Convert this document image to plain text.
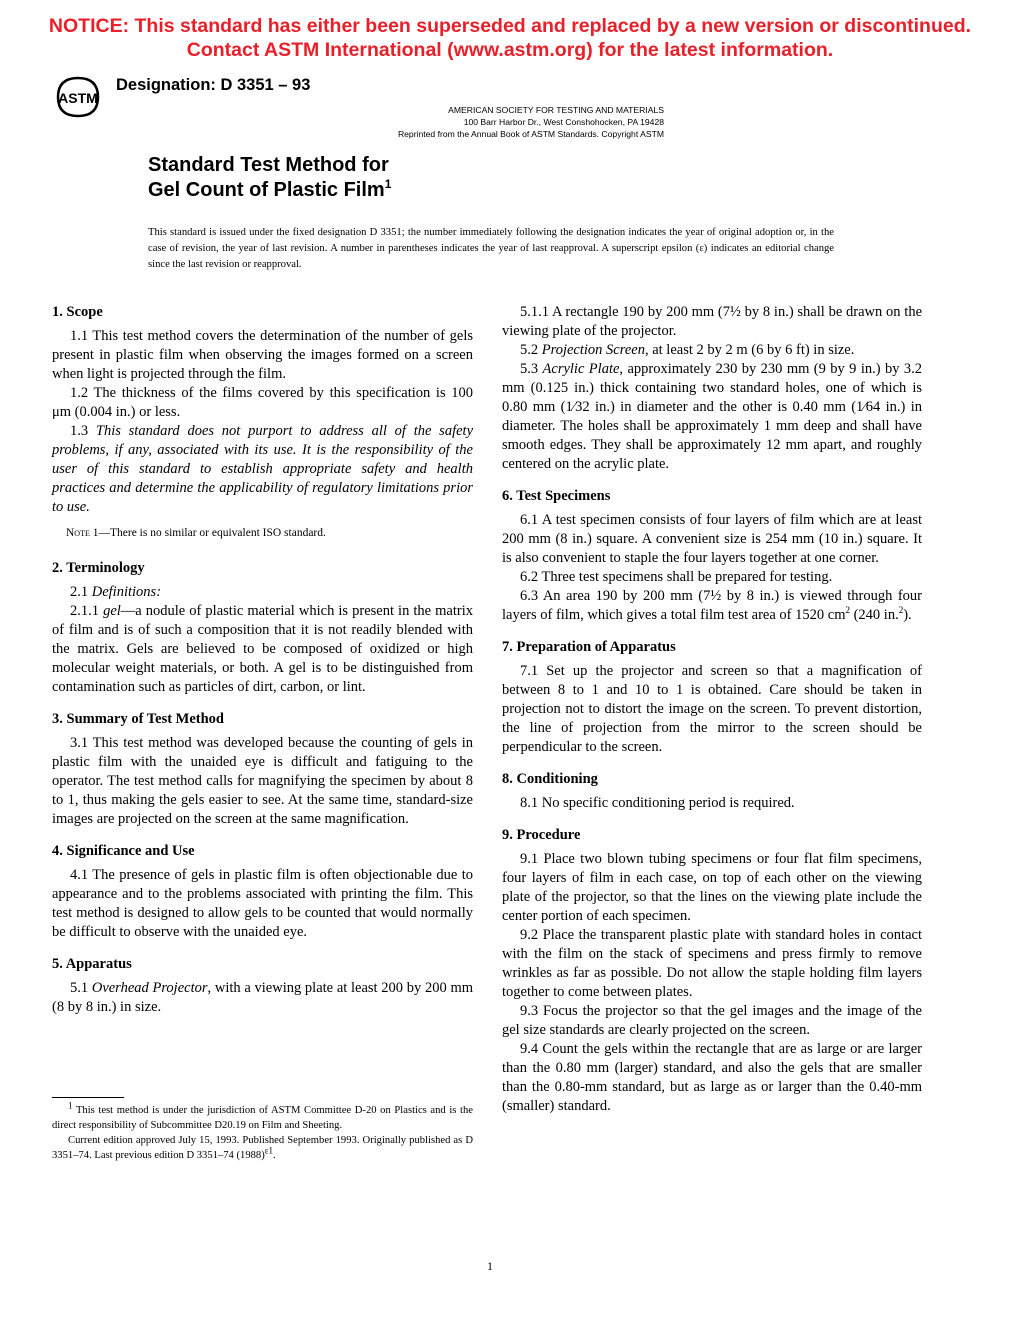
NOTICE: This standard has either been superseded and replaced by a new version or discontinued.
Contact ASTM International (www.astm.org) for the latest information.
ASTM
Designation: D 3351 – 93
AMERICAN SOCIETY FOR TESTING AND MATERIALS
100 Barr Harbor Dr., West Conshohocken, PA 19428
Reprinted from the Annual Book of ASTM Standards. Copyright ASTM
Standard Test Method for
Gel Count of Plastic Film$^1$
This standard is issued under the fixed designation D 3351; the number immediately following the designation indicates the year of original adoption or, in the case of revision, the year of last revision. A number in parentheses indicates the year of last reapproval. A superscript epsilon (ε) indicates an editorial change since the last revision or reapproval.
1. Scope

1.1 This test method covers the determination of the number of gels present in plastic film when observing the images formed on a screen when light is projected through the film.

1.2 The thickness of the films covered by this specification is 100 μm (0.004 in.) or less.

1.3 This standard does not purport to address all of the safety problems, if any, associated with its use. It is the responsibility of the user of this standard to establish appropriate safety and health practices and determine the applicability of regulatory limitations prior to use.

Note 1—There is no similar or equivalent ISO standard.

2. Terminology

2.1 Definitions:

2.1.1 gel—a nodule of plastic material which is present in the matrix of film and is of such a composition that it is not readily blended with the matrix. Gels are believed to be composed of oxidized or high molecular weight materials, or both. A gel is to be distinguished from contamination such as particles of dirt, carbon, or lint.

3. Summary of Test Method

3.1 This test method was developed because the counting of gels in plastic film with the unaided eye is difficult and fatiguing to the operator. The test method calls for magnifying the specimen by about 8 to 1, thus making the gels easier to see. At the same time, standard-size images are projected on the screen at the same magnification.

4. Significance and Use

4.1 The presence of gels in plastic film is often objectionable due to appearance and to the problems associated with printing the film. This test method is designed to allow gels to be counted that would normally be difficult to observe with the unaided eye.

5. Apparatus

5.1 Overhead Projector, with a viewing plate at least 200 by 200 mm (8 by 8 in.) in size.

$^1$ This test method is under the jurisdiction of ASTM Committee D-20 on Plastics and is the direct responsibility of Subcommittee D20.19 on Film and Sheeting.

Current edition approved July 15, 1993. Published September 1993. Originally published as D 3351–74. Last previous edition D 3351–74 $(1988)^{\varepsilon 1}$.

5.1.1 A rectangle 190 by 200 mm (7½ by 8 in.) shall be drawn on the viewing plate of the projector.

5.2 Projection Screen, at least 2 by 2 m (6 by 6 ft) in size.

5.3 Acrylic Plate, approximately 230 by 230 mm (9 by 9 in.) by 3.2 mm (0.125 in.) thick containing two standard holes, one of which is 0.80 mm (1⁄32 in.) in diameter and the other is 0.40 mm (1⁄64 in.) in diameter. The holes shall be approximately 1 mm deep and shall have smooth edges. They shall be approximately 12 mm apart, and roughly centered on the acrylic plate.

6. Test Specimens

6.1 A test specimen consists of four layers of film which are at least 200 mm (8 in.) square. A convenient size is 254 mm (10 in.) square. It is also convenient to staple the four layers together at one corner.

6.2 Three test specimens shall be prepared for testing.

6.3 An area 190 by 200 mm (7½ by 8 in.) is viewed through four layers of film, which gives a total film test area of 1520 $cm^2$ (240 in.$^2$).

7. Preparation of Apparatus

7.1 Set up the projector and screen so that a magnification of between 8 to 1 and 10 to 1 is obtained. Care should be taken in projection not to distort the image on the screen. To prevent distortion, the line of projection from the mirror to the screen should be perpendicular to the screen.

8. Conditioning

8.1 No specific conditioning period is required.

9. Procedure

9.1 Place two blown tubing specimens or four flat film specimens, four layers of film in each case, on top of each other on the viewing plate of the projector, so that the lines on the viewing plate include the center portion of each specimen.

9.2 Place the transparent plastic plate with standard holes in contact with the film on the stack of specimens and press firmly to remove wrinkles as far as possible. Do not allow the staple holding film layers together to come between plates.

9.3 Focus the projector so that the gel images and the image of the gel size standards are clearly projected on the screen.

9.4 Count the gels within the rectangle that are as large or are larger than the 0.80 mm (larger) standard, and also the gels that are smaller than the 0.80-mm standard, but as large as or larger than the 0.40-mm (smaller) standard.

1
